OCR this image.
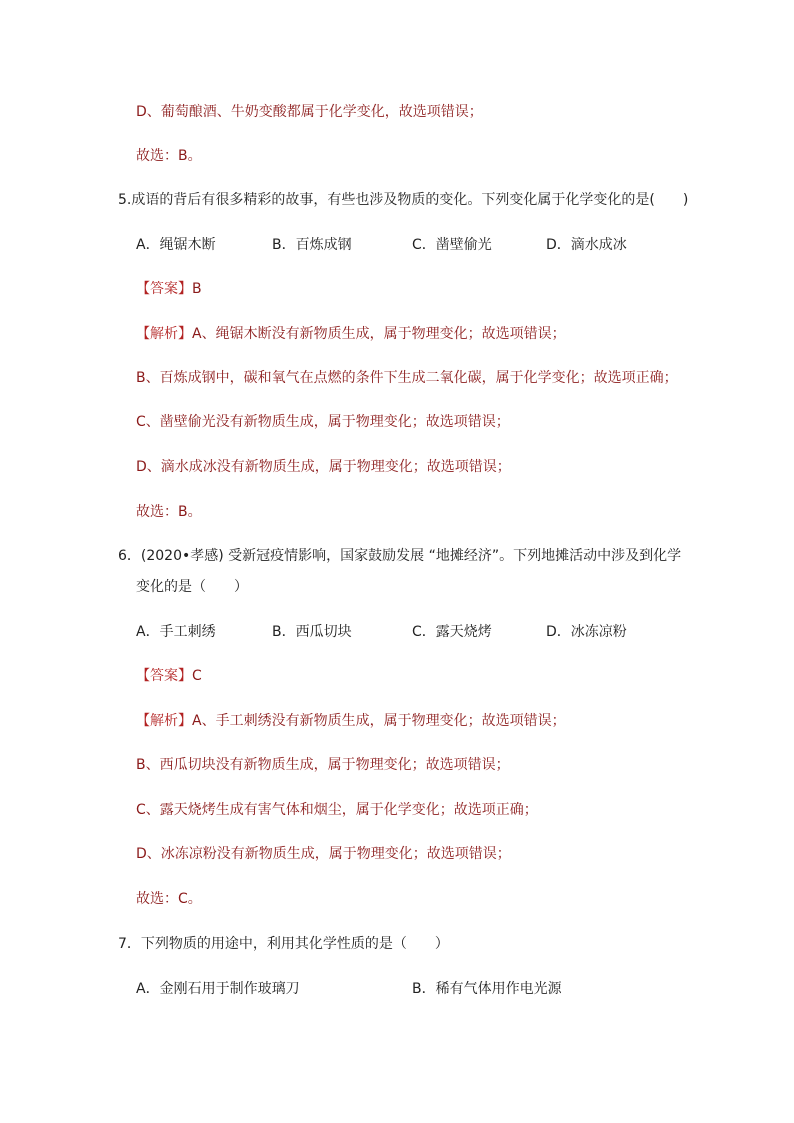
D、葡萄酿酒、牛奶变酸都属于化学变化，故选项错误；
故选：B。
5.成语的背后有很多精彩的故事，有些也涉及物质的变化。下列变化属于化学变化的是(　　)
A．绳锯木断	B．百炼成钢	C．凿壁偷光	D．滴水成冰
【答案】B
【解析】A、绳锯木断没有新物质生成，属于物理变化；故选项错误；
B、百炼成钢中，碳和氧气在点燃的条件下生成二氧化碳，属于化学变化；故选项正确；
C、凿壁偷光没有新物质生成，属于物理变化；故选项错误；
D、滴水成冰没有新物质生成，属于物理变化；故选项错误；
故选：B。
6．(2020•孝感) 受新冠疫情影响，国家鼓励发展 “地摊经济”。下列地摊活动中涉及到化学
变化的是（　　）
A．手工刺绣	B．西瓜切块	C．露天烧烤	D．冰冻凉粉
【答案】C
【解析】A、手工刺绣没有新物质生成，属于物理变化；故选项错误；
B、西瓜切块没有新物质生成，属于物理变化；故选项错误；
C、露天烧烤生成有害气体和烟尘，属于化学变化；故选项正确；
D、冰冻凉粉没有新物质生成，属于物理变化；故选项错误；
故选：C。
7．下列物质的用途中，利用其化学性质的是（　　）
A．金刚石用于制作玻璃刀	B．稀有气体用作电光源
